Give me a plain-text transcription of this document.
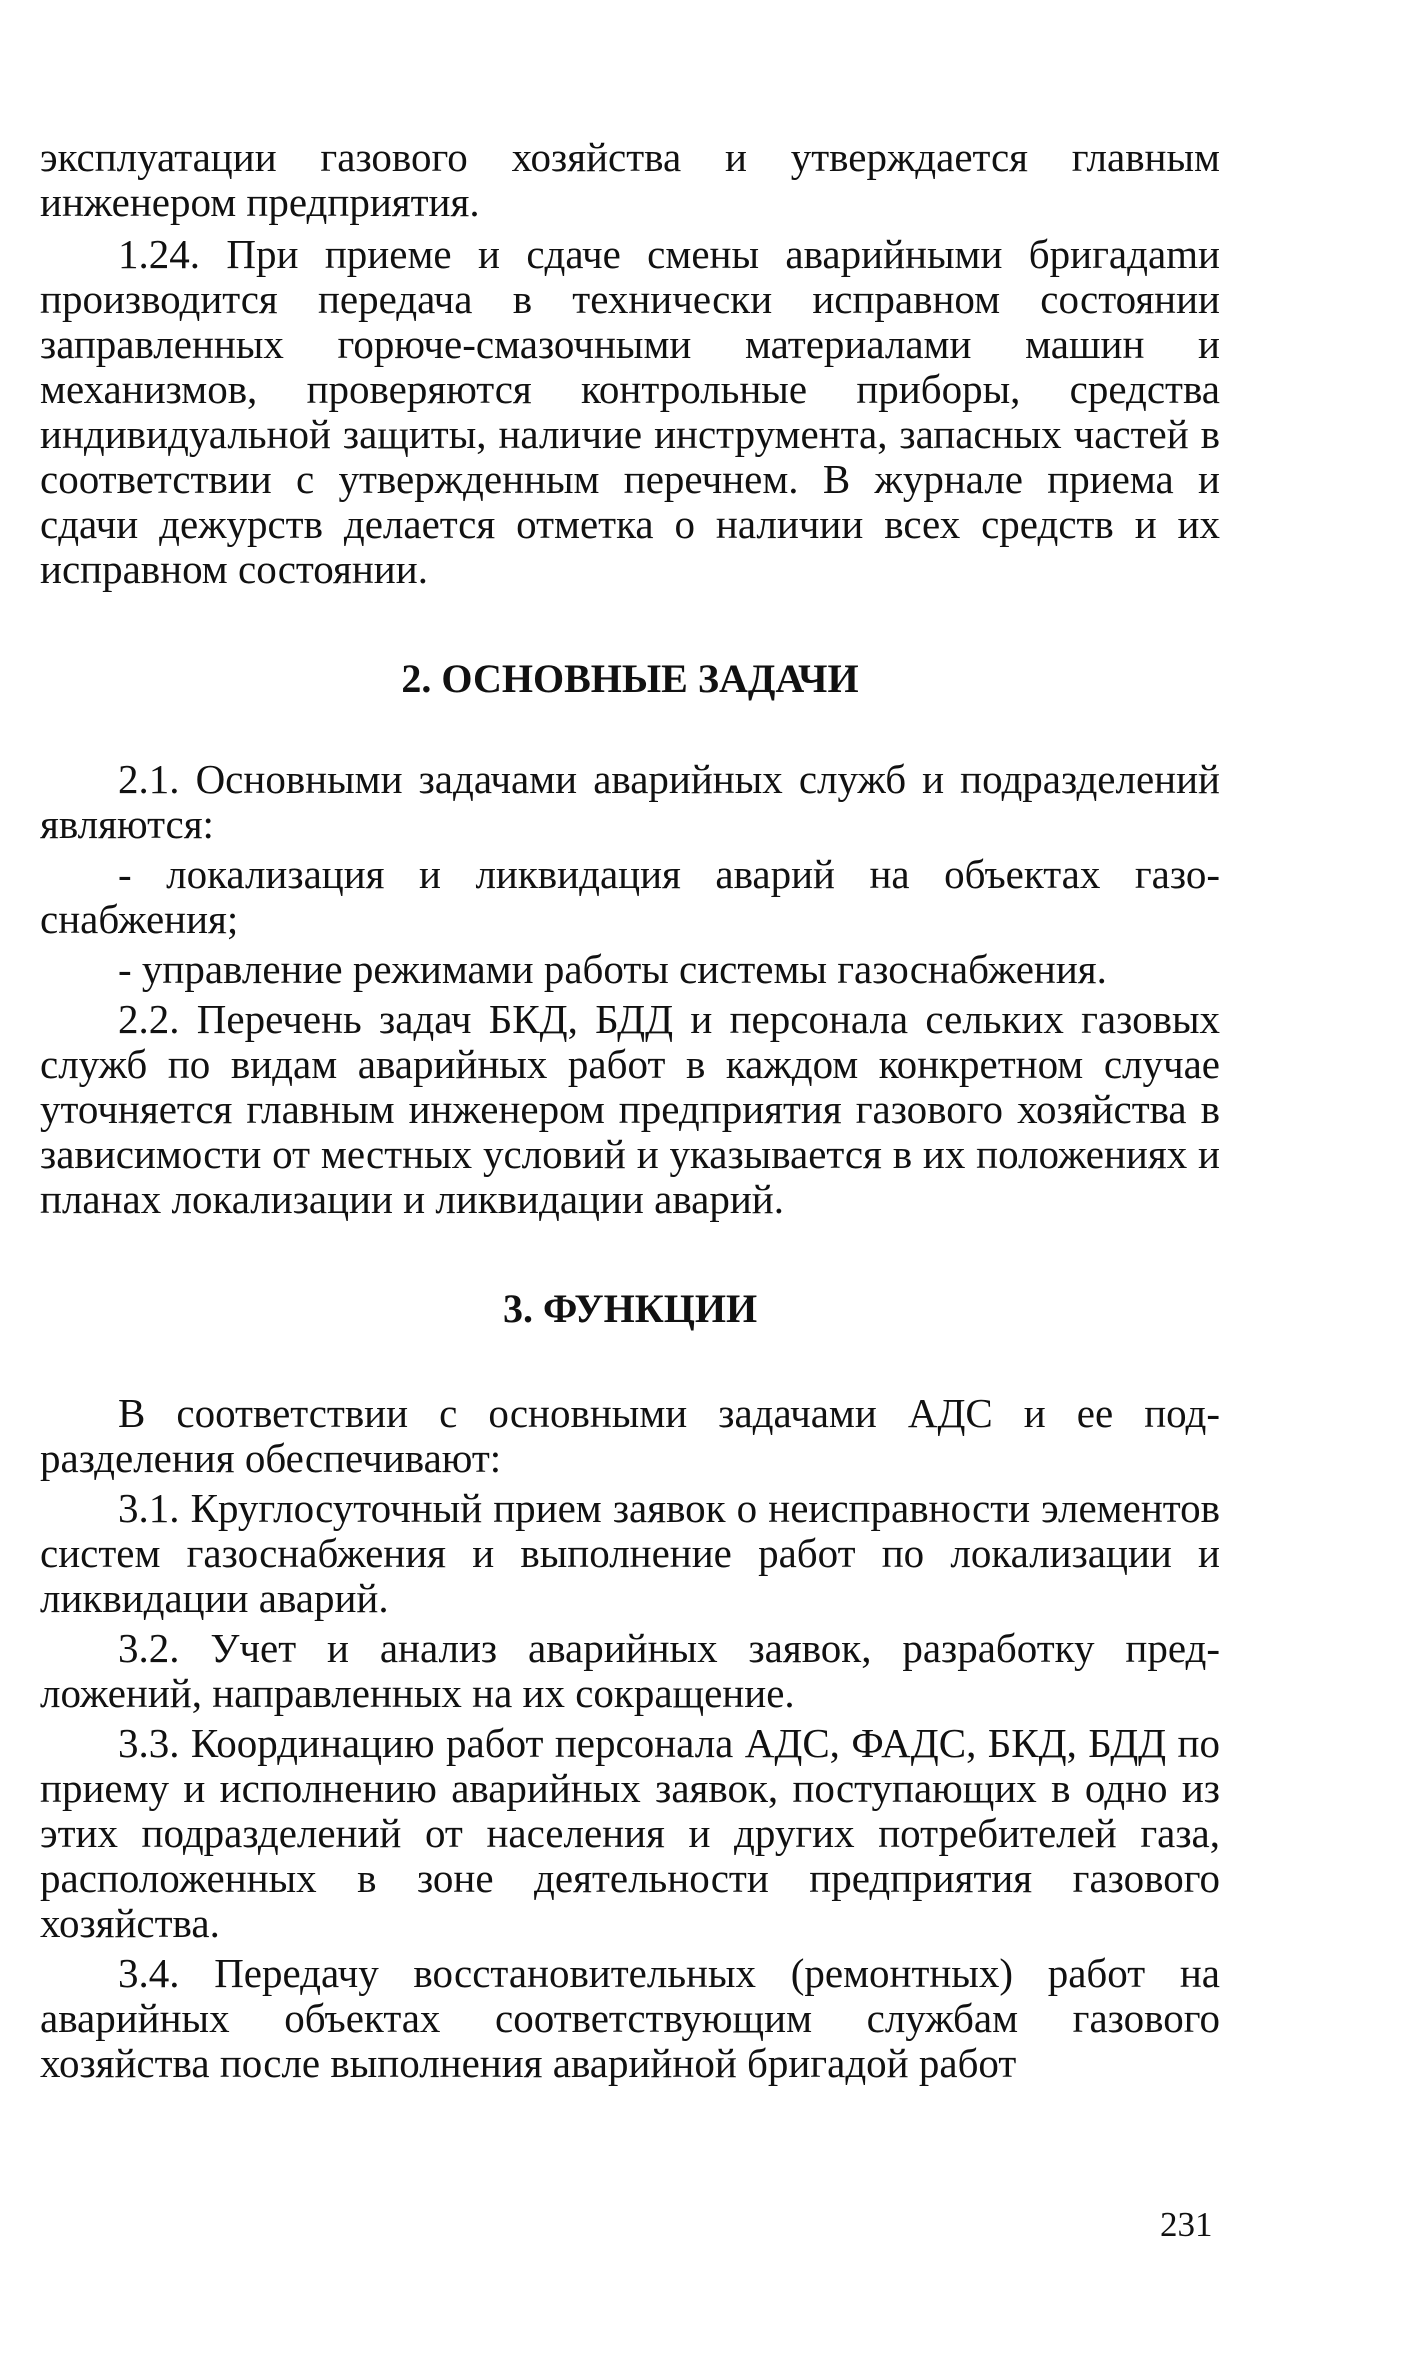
эксплуатации газового хозяйства и утверждается главным инженером предприятия.

1.24. При приеме и сдаче смены аварийными бригадаmи производится передача в технически исправном состоянии заправленных горюче-смазочными материалами машин и механизмов, проверяются контрольные приборы, средства индивидуальной защиты, наличие инструмента, запасных частей в соответствии с утвержденным перечнем. В журнале приема и сдачи дежурств делается отметка о наличии всех средств и их исправном состоянии.

2. ОСНОВНЫЕ ЗАДАЧИ

2.1. Основными задачами аварийных служб и подразделений являются:

- локализация и ликвидация аварий на объектах газоснабжения;

- управление режимами работы системы газоснабжения.

2.2. Перечень задач БКД, БДД и персонала сельких газовых служб по видам аварийных работ в каждом конкретном случае уточняется главным инженером предприятия газового хозяйства в зависимости от местных условий и указывается в их положениях и планах локализации и ликвидации аварий.

3. ФУНКЦИИ

В соответствии с основными задачами АДС и ее подразделения обеспечивают:

3.1. Круглосуточный прием заявок о неисправности элементов систем газоснабжения и выполнение работ по локализации и ликвидации аварий.

3.2. Учет и анализ аварийных заявок, разработку предложений, направленных на их сокращение.

3.3. Координацию работ персонала АДС, ФАДС, БКД, БДД по приему и исполнению аварийных заявок, поступающих в одно из этих подразделений от населения и других потребителей газа, расположенных в зоне деятельности предприятия газового хозяйства.

3.4. Передачу восстановительных (ремонтных) работ на аварийных объектах соответствующим службам газового хозяйства после выполнения аварийной бригадой работ

231
